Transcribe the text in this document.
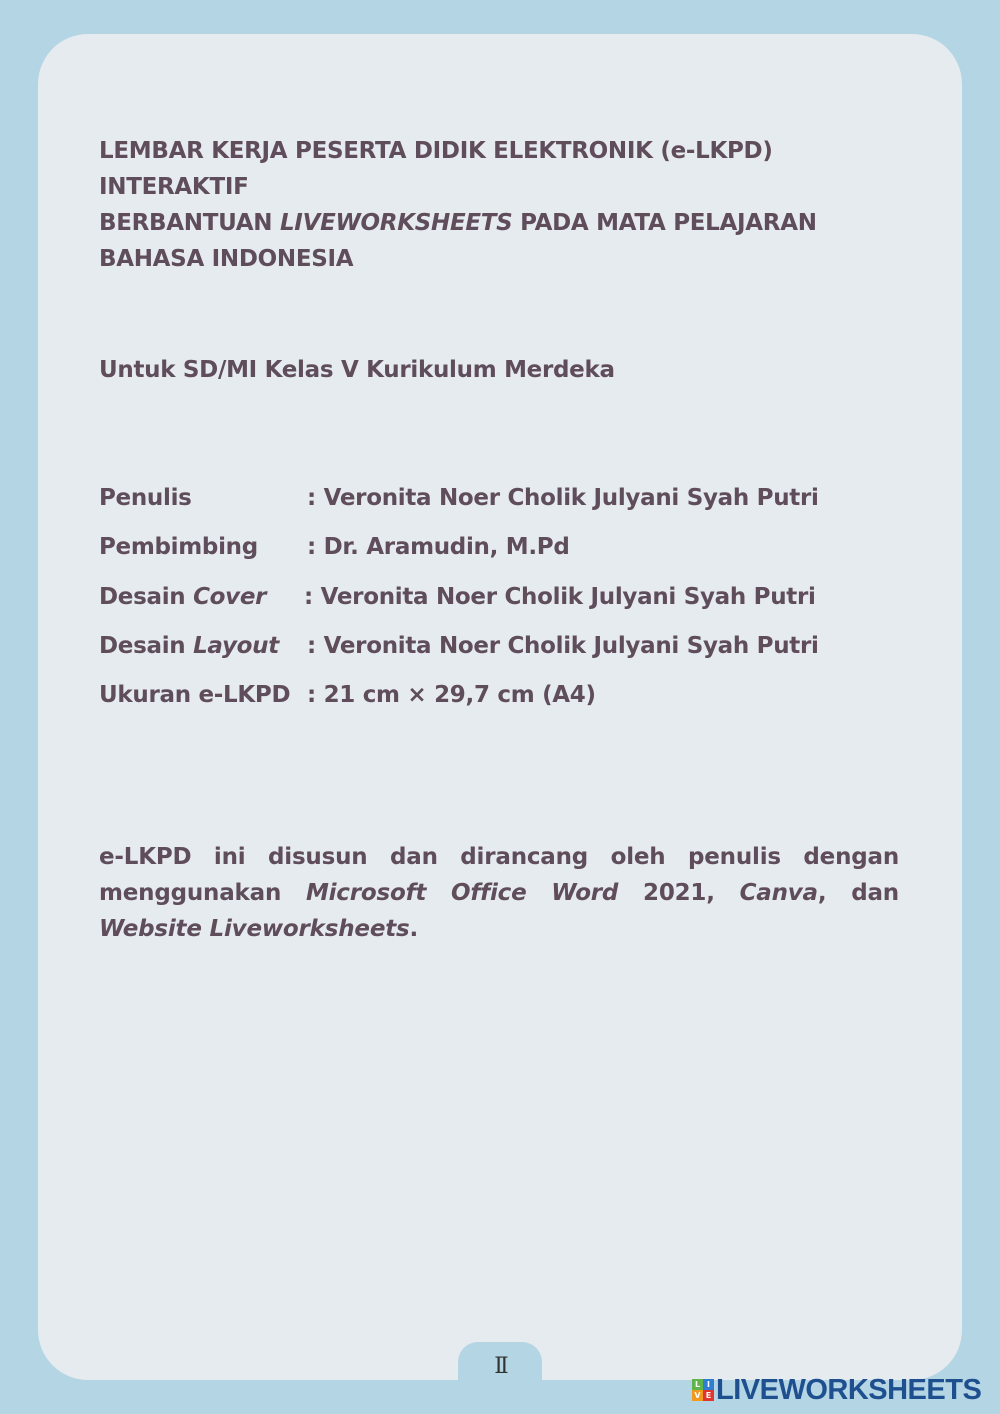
LEMBAR KERJA PESERTA DIDIK ELEKTRONIK (e-LKPD) INTERAKTIF
BERBANTUAN LIVEWORKSHEETS PADA MATA PELAJARAN
BAHASA INDONESIA
Untuk SD/MI Kelas V Kurikulum Merdeka
Penulis	: Veronita Noer Cholik Julyani Syah Putri
Pembimbing	: Dr. Aramudin, M.Pd
Desain Cover	: Veronita Noer Cholik Julyani Syah Putri
Desain Layout	: Veronita Noer Cholik Julyani Syah Putri
Ukuran e-LKPD : 21 cm × 29,7 cm (A4)

e-LKPD ini disusun dan dirancang oleh penulis dengan menggunakan Microsoft Office Word 2021, Canva, dan Website Liveworksheets.

II
L I
V E LIVEWORKSHEETS
